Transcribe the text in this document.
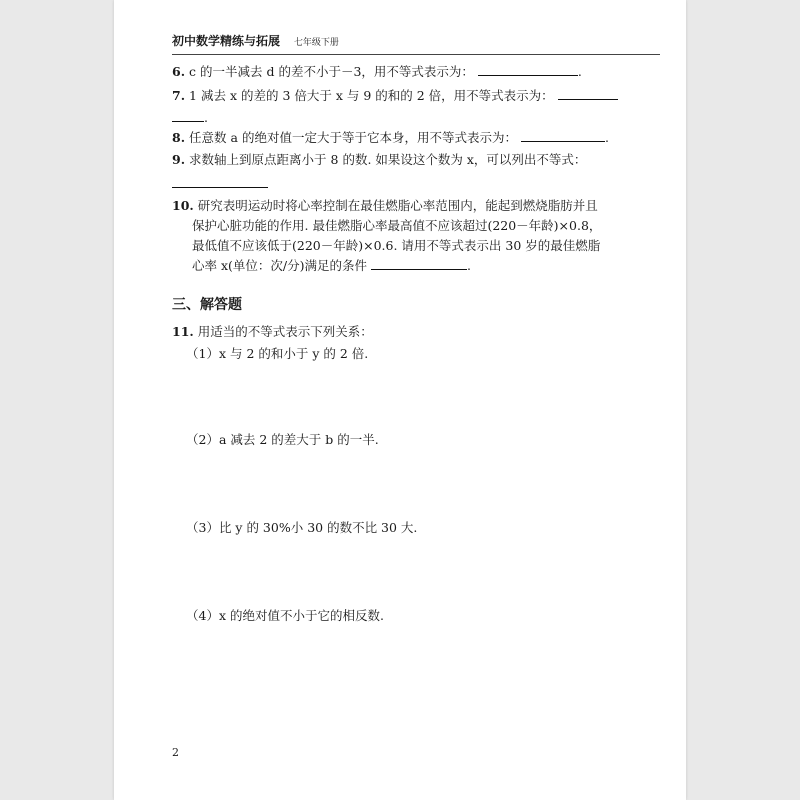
初中数学精练与拓展 七年级下册
6. c 的一半减去 d 的差不小于－3，用不等式表示为：	.
7. 1 减去 x 的差的 3 倍大于 x 与 9 的和的 2 倍，用不等式表示为：
.
8. 任意数 a 的绝对值一定大于等于它本身，用不等式表示为：	.
9. 求数轴上到原点距离小于 8 的数. 如果设这个数为 x，可以列出不等式：
10. 研究表明运动时将心率控制在最佳燃脂心率范围内，能起到燃烧脂肪并且
保护心脏功能的作用. 最佳燃脂心率最高值不应该超过(220－年龄)×0.8，
最低值不应该低于(220－年龄)×0.6. 请用不等式表示出 30 岁的最佳燃脂
心率 x(单位：次/分)满足的条件	.
三、解答题
11. 用适当的不等式表示下列关系：
（1）x 与 2 的和小于 y 的 2 倍.
（2）a 减去 2 的差大于 b 的一半.
（3）比 y 的 30%小 30 的数不比 30 大.
（4）x 的绝对值不小于它的相反数.
2
